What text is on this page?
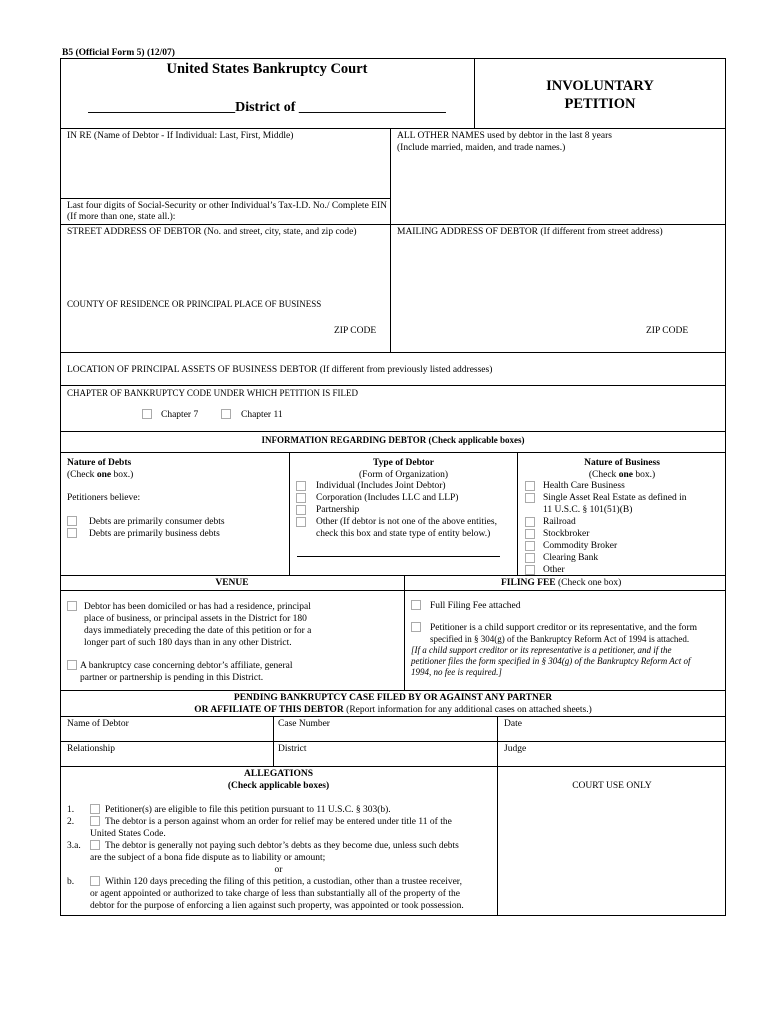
B5 (Official Form 5) (12/07)
United States Bankruptcy Court
_____________________District of _____________________
INVOLUNTARY
PETITION
IN RE (Name of Debtor - If Individual: Last, First, Middle)	ALL OTHER NAMES used by debtor in the last 8 years
(Include married, maiden, and trade names.)
Last four digits of Social-Security or other Individual’s Tax-I.D. No./ Complete EIN
(If more than one, state all.):
STREET ADDRESS OF DEBTOR (No. and street, city, state, and zip code)	MAILING ADDRESS OF DEBTOR (If different from street address)
COUNTY OF RESIDENCE OR PRINCIPAL PLACE OF BUSINESS
ZIP CODE	ZIP CODE
LOCATION OF PRINCIPAL ASSETS OF BUSINESS DEBTOR (If different from previously listed addresses)
CHAPTER OF BANKRUPTCY CODE UNDER WHICH PETITION IS FILED
Chapter 7	Chapter 11
INFORMATION REGARDING DEBTOR (Check applicable boxes)
Nature of Debts
(Check one box.)
Petitioners believe:
Debts are primarily consumer debts
Debts are primarily business debts
Type of Debtor
(Form of Organization)
Individual (Includes Joint Debtor)
Corporation (Includes LLC and LLP)
Partnership
Other (If debtor is not one of the above entities,
check this box and state type of entity below.)
Nature of Business
(Check one box.)
Health Care Business
Single Asset Real Estate as defined in
11 U.S.C. § 101(51)(B)
Railroad
Stockbroker
Commodity Broker
Clearing Bank
Other
VENUE	FILING FEE (Check one box)
Debtor has been domiciled or has had a residence, principal
place of business, or principal assets in the District for 180
days immediately preceding the date of this petition or for a
longer part of such 180 days than in any other District.
A bankruptcy case concerning debtor’s affiliate, general
partner or partnership is pending in this District.
Full Filing Fee attached
Petitioner is a child support creditor or its representative, and the form
specified in § 304(g) of the Bankruptcy Reform Act of 1994 is attached.
[If a child support creditor or its representative is a petitioner, and if the
petitioner files the form specified in § 304(g) of the Bankruptcy Reform Act of
1994, no fee is required.]
PENDING BANKRUPTCY CASE FILED BY OR AGAINST ANY PARTNER
OR AFFILIATE OF THIS DEBTOR (Report information for any additional cases on attached sheets.)
Name of Debtor	Case Number	Date
Relationship	District	Judge
ALLEGATIONS
(Check applicable boxes)	COURT USE ONLY
1.	Petitioner(s) are eligible to file this petition pursuant to 11 U.S.C. § 303(b).
2.	The debtor is a person against whom an order for relief may be entered under title 11 of the
United States Code.
3.a.	The debtor is generally not paying such debtor’s debts as they become due, unless such debts
are the subject of a bona fide dispute as to liability or amount;
or
b.	Within 120 days preceding the filing of this petition, a custodian, other than a trustee receiver,
or agent appointed or authorized to take charge of less than substantially all of the property of the
debtor for the purpose of enforcing a lien against such property, was appointed or took possession.
